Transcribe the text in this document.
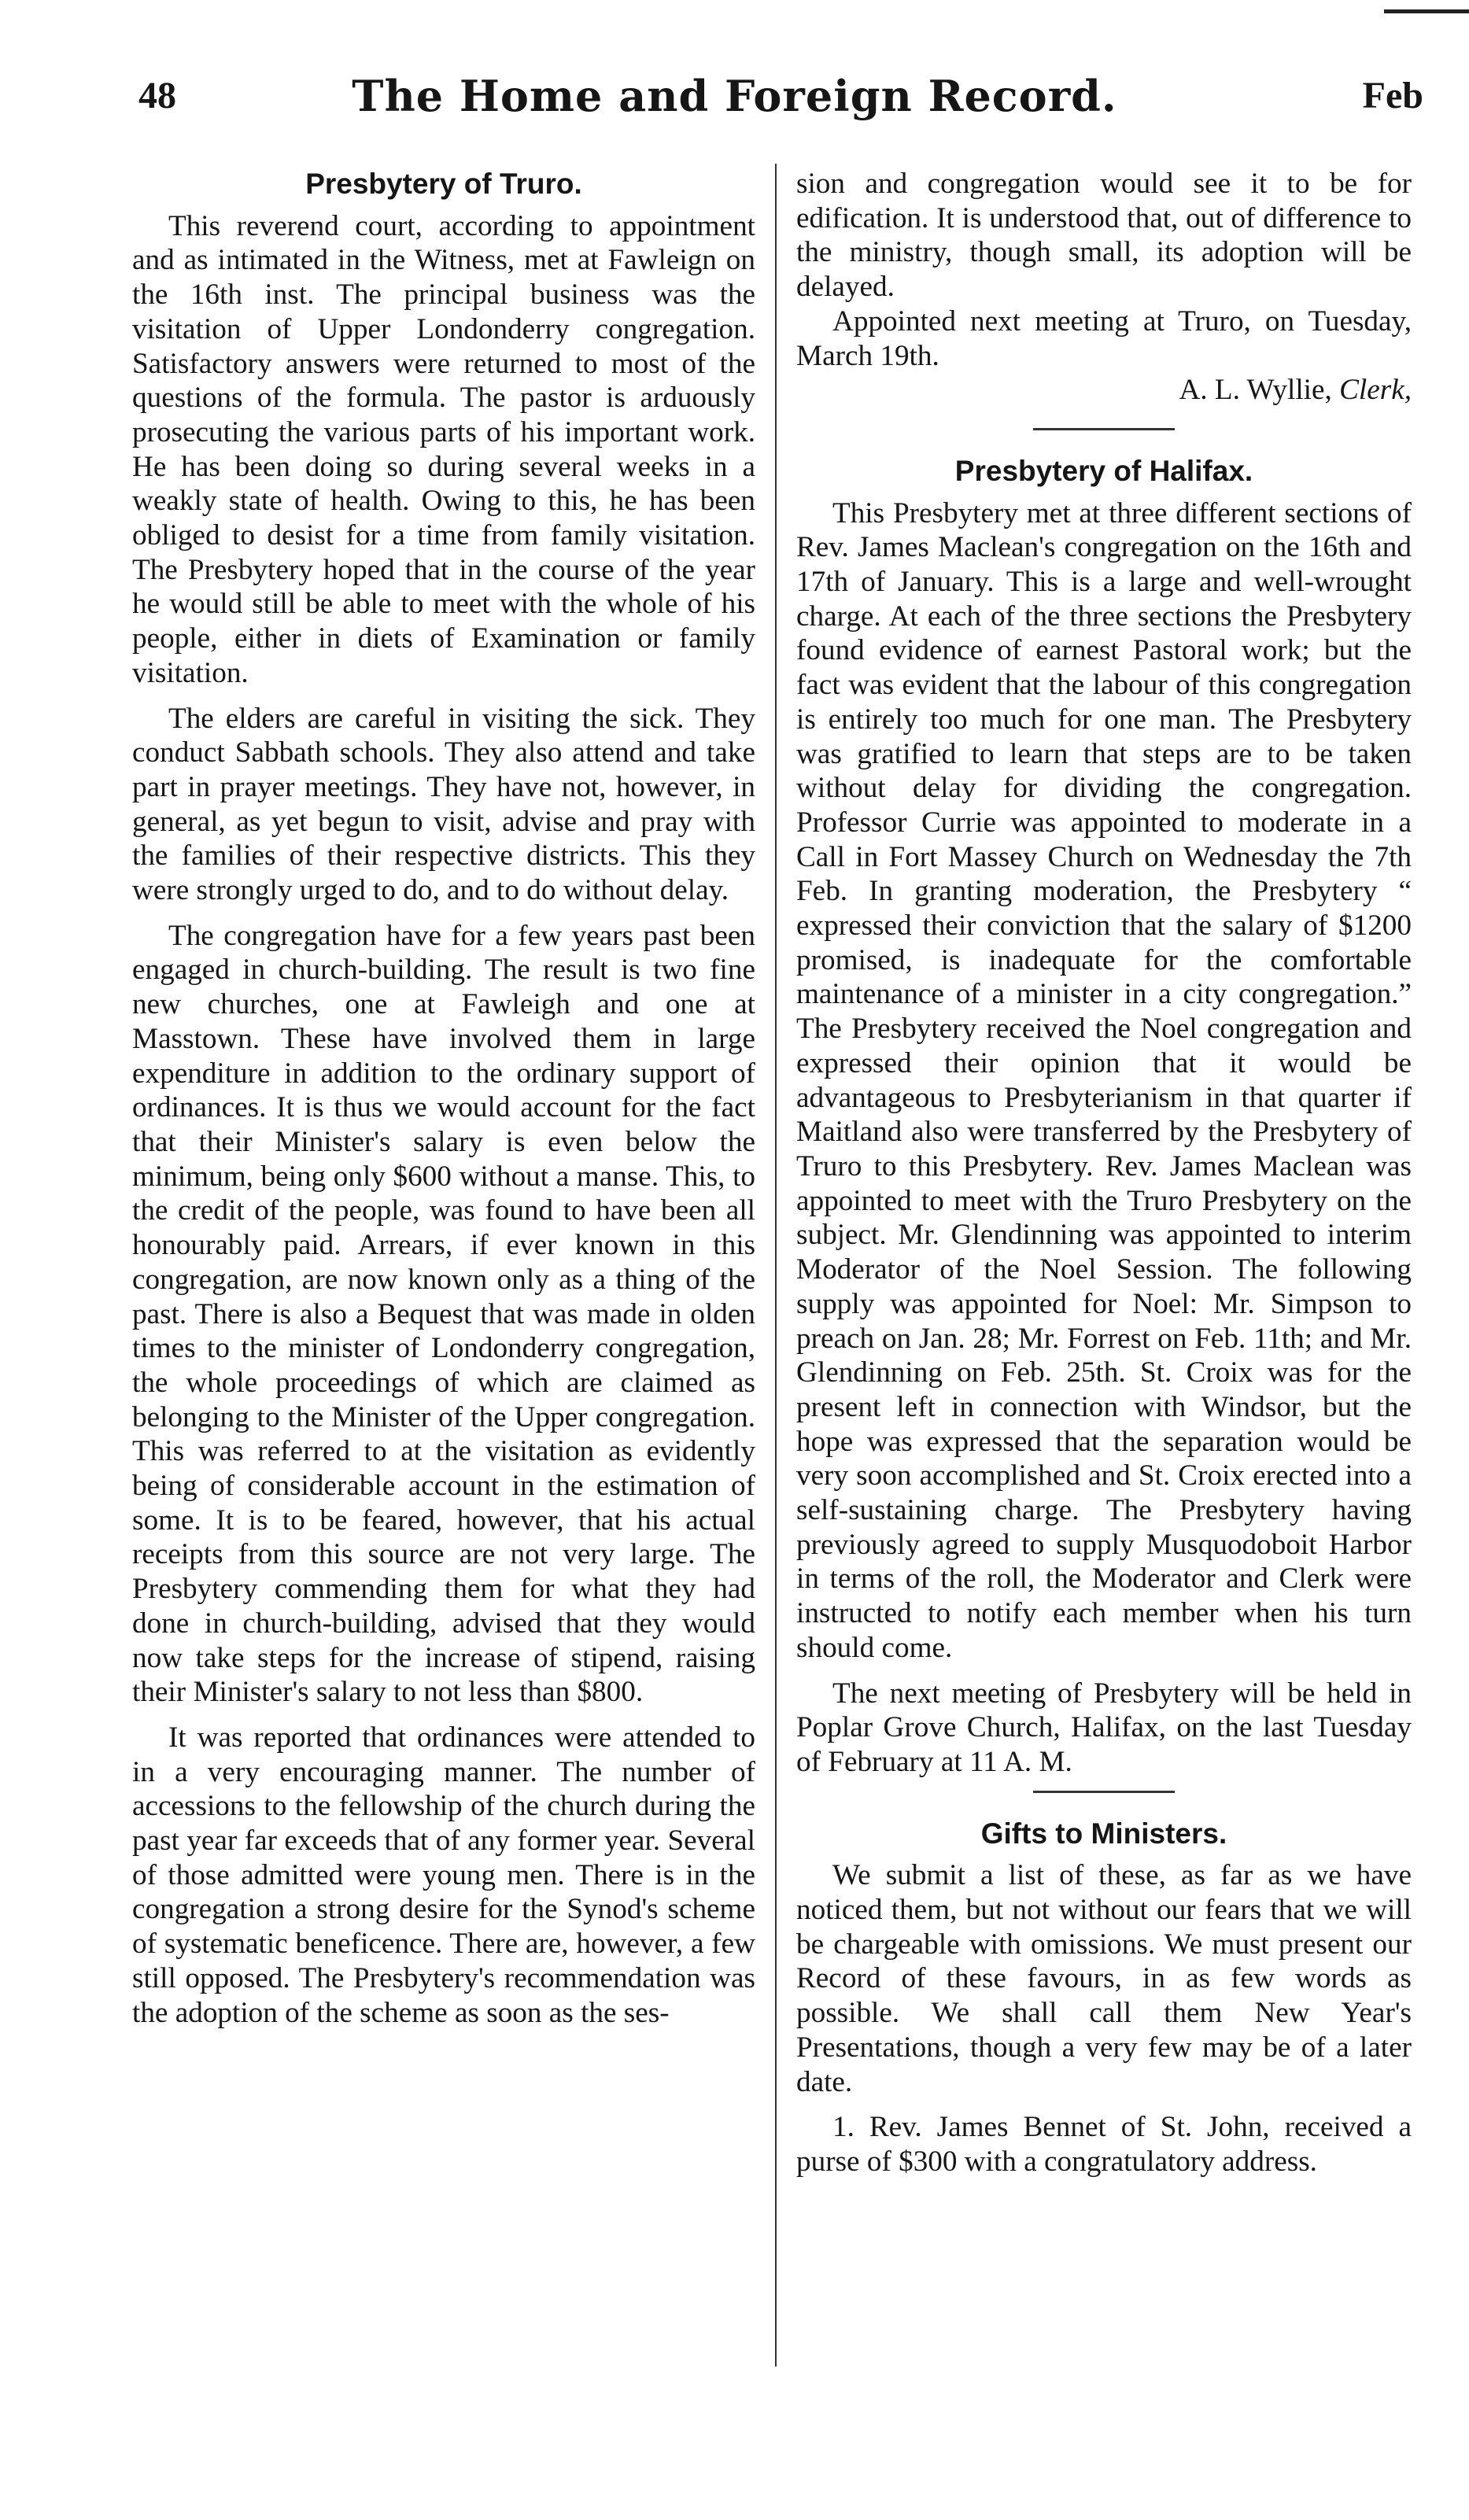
48	The Home and Foreign Record.	Feb
Presbytery of Truro.

This reverend court, according to appointment and as intimated in the Witness, met at Fawleign on the 16th inst. The principal business was the visitation of Upper Londonderry congregation. Satisfactory answers were returned to most of the questions of the formula. The pastor is arduously prosecuting the various parts of his important work. He has been doing so during several weeks in a weakly state of health. Owing to this, he has been obliged to desist for a time from family visitation. The Presbytery hoped that in the course of the year he would still be able to meet with the whole of his people, either in diets of Examination or family visitation.

The elders are careful in visiting the sick. They conduct Sabbath schools. They also attend and take part in prayer meetings. They have not, however, in general, as yet begun to visit, advise and pray with the families of their respective districts. This they were strongly urged to do, and to do without delay.

The congregation have for a few years past been engaged in church-building. The result is two fine new churches, one at Fawleigh and one at Masstown. These have involved them in large expenditure in addition to the ordinary support of ordinances. It is thus we would account for the fact that their Minister's salary is even below the minimum, being only $600 without a manse. This, to the credit of the people, was found to have been all honourably paid. Arrears, if ever known in this congregation, are now known only as a thing of the past. There is also a Bequest that was made in olden times to the minister of Londonderry congregation, the whole proceedings of which are claimed as belonging to the Minister of the Upper congregation. This was referred to at the visitation as evidently being of considerable account in the estimation of some. It is to be feared, however, that his actual receipts from this source are not very large. The Presbytery commending them for what they had done in church-building, advised that they would now take steps for the increase of stipend, raising their Minister's salary to not less than $800.

It was reported that ordinances were attended to in a very encouraging manner. The number of accessions to the fellowship of the church during the past year far exceeds that of any former year. Several of those admitted were young men. There is in the congregation a strong desire for the Synod's scheme of systematic beneficence. There are, however, a few still opposed. The Presbytery's recommendation was the adoption of the scheme as soon as the ses-

sion and congregation would see it to be for edification. It is understood that, out of difference to the ministry, though small, its adoption will be delayed.

Appointed next meeting at Truro, on Tuesday, March 19th.

A. L. Wyllie, Clerk,

Presbytery of Halifax.

This Presbytery met at three different sections of Rev. James Maclean's congregation on the 16th and 17th of January. This is a large and well-wrought charge. At each of the three sections the Presbytery found evidence of earnest Pastoral work; but the fact was evident that the labour of this congregation is entirely too much for one man. The Presbytery was gratified to learn that steps are to be taken without delay for dividing the congregation. Professor Currie was appointed to moderate in a Call in Fort Massey Church on Wednesday the 7th Feb. In granting moderation, the Presbytery “ expressed their conviction that the salary of $1200 promised, is inadequate for the comfortable maintenance of a minister in a city congregation.” The Presbytery received the Noel congregation and expressed their opinion that it would be advantageous to Presbyterianism in that quarter if Maitland also were transferred by the Presbytery of Truro to this Presbytery. Rev. James Maclean was appointed to meet with the Truro Presbytery on the subject. Mr. Glendinning was appointed to interim Moderator of the Noel Session. The following supply was appointed for Noel: Mr. Simpson to preach on Jan. 28; Mr. Forrest on Feb. 11th; and Mr. Glendinning on Feb. 25th. St. Croix was for the present left in connection with Windsor, but the hope was expressed that the separation would be very soon accomplished and St. Croix erected into a self-sustaining charge. The Presbytery having previously agreed to supply Musquodoboit Harbor in terms of the roll, the Moderator and Clerk were instructed to notify each member when his turn should come.

The next meeting of Presbytery will be held in Poplar Grove Church, Halifax, on the last Tuesday of February at 11 A. M.

Gifts to Ministers.

We submit a list of these, as far as we have noticed them, but not without our fears that we will be chargeable with omissions. We must present our Record of these favours, in as few words as possible. We shall call them New Year's Presentations, though a very few may be of a later date.

1. Rev. James Bennet of St. John, received a purse of $300 with a congratulatory address.
